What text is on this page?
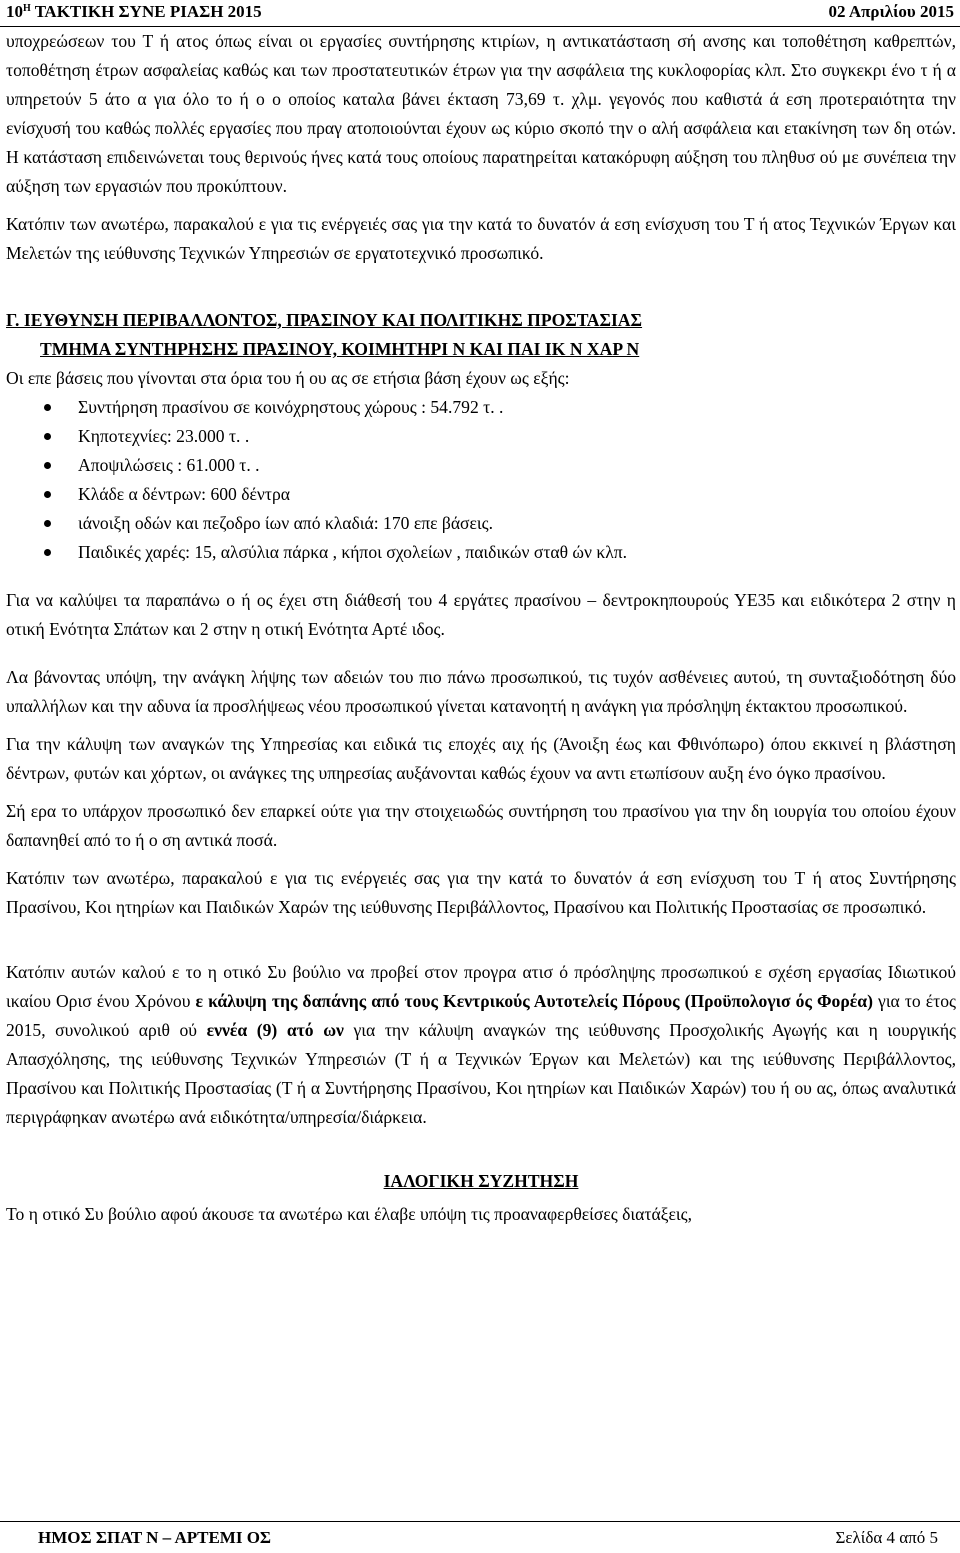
$10^H$ ΤΑΚΤΙΚΗ ΣΥΝΕ ΡΙΑΣΗ 2015	02 Απριλίου 2015

υποχρεώσεων του Τ ή ατος όπως είναι οι εργασίες συντήρησης κτιρίων, η αντικατάσταση σή ανσης και τοποθέτηση καθρεπτών, τοποθέτηση έτρων ασφαλείας καθώς και των προστατευτικών έτρων για την ασφάλεια της κυκλοφορίας κλπ. Στο συγκεκρι ένο τ ή α υπηρετούν 5 άτο α για όλο το ή ο ο οποίος καταλα βάνει έκταση 73,69 τ. χλμ. γεγονός που καθιστά ά εση προτεραιότητα την ενίσχυσή του καθώς πολλές εργασίες που πραγ ατοποιούνται έχουν ως κύριο σκοπό την ο αλή ασφάλεια και ετακίνηση των δη οτών. Η κατάσταση επιδεινώνεται τους θερινούς ήνες κατά τους οποίους παρατηρείται κατακόρυφη αύξηση του πληθυσ ού με συνέπεια την αύξηση των εργασιών που προκύπτουν.

Κατόπιν των ανωτέρω, παρακαλού ε για τις ενέργειές σας για την κατά το δυνατόν ά εση ενίσχυση του Τ ή ατος Τεχνικών Έργων και Μελετών της ιεύθυνσης Τεχνικών Υπηρεσιών σε εργατοτεχνικό προσωπικό.

Γ. ΙΕΥΘΥΝΣΗ ΠΕΡΙΒΑΛΛΟΝΤΟΣ, ΠΡΑΣΙΝΟΥ ΚΑΙ ΠΟΛΙΤΙΚΗΣ ΠΡΟΣΤΑΣΙΑΣ

ΤΜΗΜΑ ΣΥΝΤΗΡΗΣΗΣ ΠΡΑΣΙΝΟΥ, ΚΟΙΜΗΤΗΡΙ Ν ΚΑΙ ΠΑΙ ΙΚ Ν ΧΑΡ Ν

Οι επε βάσεις που γίνονται στα όρια του ή ου ας σε ετήσια βάση έχουν ως εξής:

Συντήρηση πρασίνου σε κοινόχρηστους χώρους : 54.792 τ. .
Κηποτεχνίες: 23.000 τ. .
Αποψιλώσεις : 61.000 τ. .
Κλάδε α δέντρων: 600 δέντρα
ιάνοιξη οδών και πεζοδρο ίων από κλαδιά: 170 επε βάσεις.
Παιδικές χαρές: 15, αλσύλια πάρκα , κήποι σχολείων , παιδικών σταθ ών κλπ.

Για να καλύψει τα παραπάνω ο ή ος έχει στη διάθεσή του 4 εργάτες πρασίνου – δεντροκηπουρούς ΥΕ35 και ειδικότερα 2 στην η οτική Ενότητα Σπάτων και 2 στην η οτική Ενότητα Αρτέ ιδος.

Λα βάνοντας υπόψη, την ανάγκη λήψης των αδειών του πιο πάνω προσωπικού, τις τυχόν ασθένειες αυτού, τη συνταξιοδότηση δύο υπαλλήλων και την αδυνα ία προσλήψεως νέου προσωπικού γίνεται κατανοητή η ανάγκη για πρόσληψη έκτακτου προσωπικού.

Για την κάλυψη των αναγκών της Υπηρεσίας και ειδικά τις εποχές αιχ ής (Άνοιξη έως και Φθινόπωρο) όπου εκκινεί η βλάστηση δέντρων, φυτών και χόρτων, οι ανάγκες της υπηρεσίας αυξάνονται καθώς έχουν να αντι ετωπίσουν αυξη ένο όγκο πρασίνου.

Σή ερα το υπάρχον προσωπικό δεν επαρκεί ούτε για την στοιχειωδώς συντήρηση του πρασίνου για την δη ιουργία του οποίου έχουν δαπανηθεί από το ή ο ση αντικά ποσά.

Κατόπιν των ανωτέρω, παρακαλού ε για τις ενέργειές σας για την κατά το δυνατόν ά εση ενίσχυση του Τ ή ατος Συντήρησης Πρασίνου, Κοι ητηρίων και Παιδικών Χαρών της ιεύθυνσης Περιβάλλοντος, Πρασίνου και Πολιτικής Προστασίας σε προσωπικό.

Κατόπιν αυτών καλού ε το η οτικό Συ βούλιο να προβεί στον προγρα ατισ ό πρόσληψης προσωπικού ε σχέση εργασίας Ιδιωτικού ικαίου Ορισ ένου Χρόνου ε κάλυψη της δαπάνης από τους Κεντρικούς Αυτοτελείς Πόρους (Προϋπολογισ ός Φορέα) για το έτος 2015, συνολικού αριθ ού εννέα (9) ατό ων για την κάλυψη αναγκών της ιεύθυνσης Προσχολικής Αγωγής και η ιουργικής Απασχόλησης, της ιεύθυνσης Τεχνικών Υπηρεσιών (Τ ή α Τεχνικών Έργων και Μελετών) και της ιεύθυνσης Περιβάλλοντος, Πρασίνου και Πολιτικής Προστασίας (Τ ή α Συντήρησης Πρασίνου, Κοι ητηρίων και Παιδικών Χαρών) του ή ου ας, όπως αναλυτικά περιγράφηκαν ανωτέρω ανά ειδικότητα/υπηρεσία/διάρκεια.

ΙΑΛΟΓΙΚΗ ΣΥΖΗΤΗΣΗ

Το η οτικό Συ βούλιο αφού άκουσε τα ανωτέρω και έλαβε υπόψη τις προαναφερθείσες διατάξεις,

ΗΜΟΣ ΣΠΑΤ Ν – ΑΡΤΕΜΙ ΟΣ	Σελίδα 4 από 5
